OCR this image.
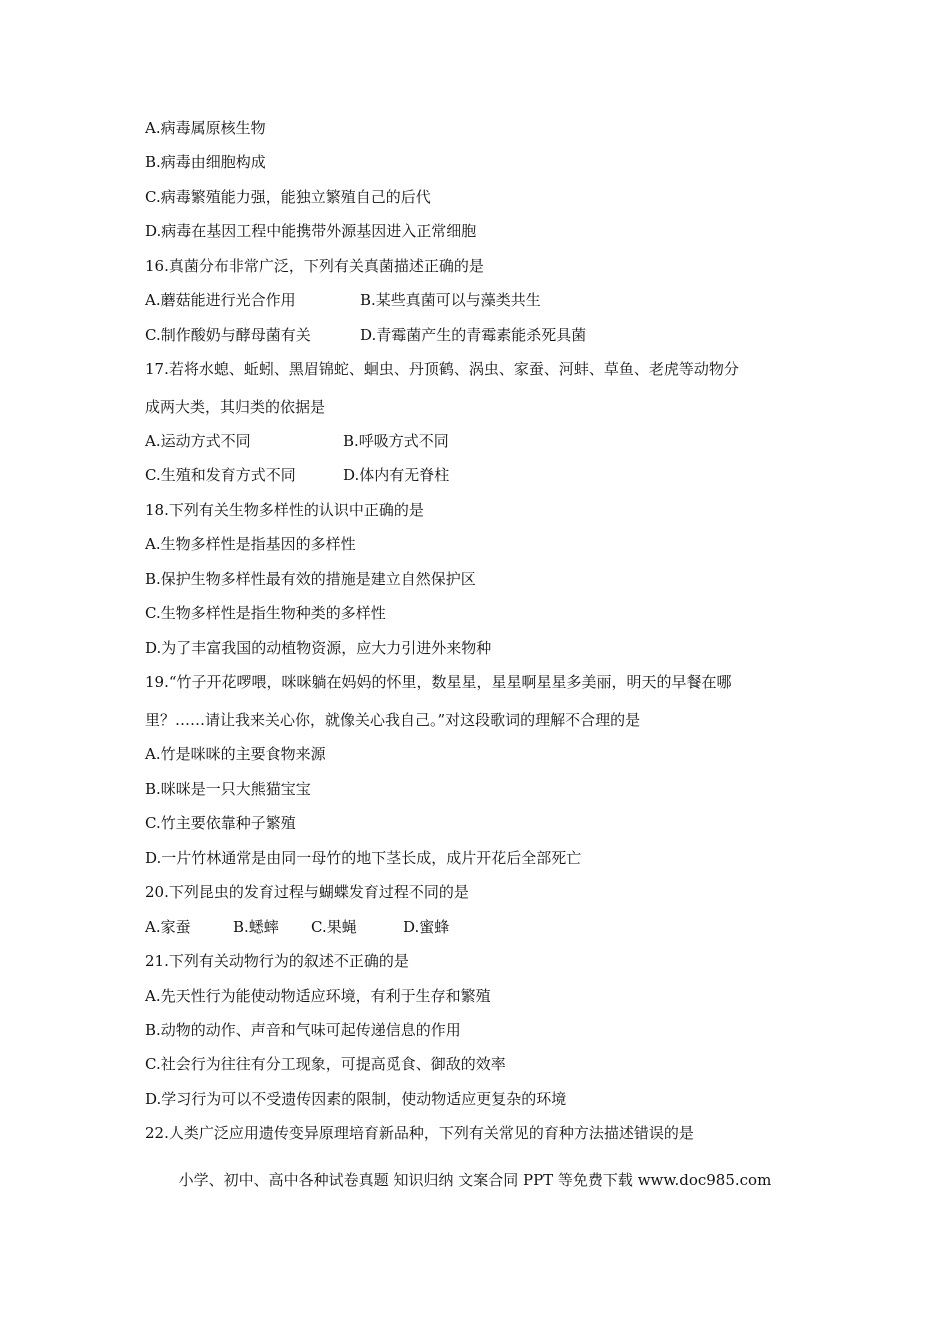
A.病毒属原核生物
B.病毒由细胞构成
C.病毒繁殖能力强，能独立繁殖自己的后代
D.病毒在基因工程中能携带外源基因进入正常细胞
16.真菌分布非常广泛，下列有关真菌描述正确的是
A.蘑菇能进行光合作用	B.某些真菌可以与藻类共生
C.制作酸奶与酵母菌有关	D.青霉菌产生的青霉素能杀死具菌
17.若将水螅、蚯蚓、黑眉锦蛇、蛔虫、丹顶鹤、涡虫、家蚕、河蚌、草鱼、老虎等动物分
成两大类，其归类的依据是
A.运动方式不同	B.呼吸方式不同
C.生殖和发育方式不同	D.体内有无脊柱
18.下列有关生物多样性的认识中正确的是
A.生物多样性是指基因的多样性
B.保护生物多样性最有效的措施是建立自然保护区
C.生物多样性是指生物种类的多样性
D.为了丰富我国的动植物资源，应大力引进外来物种
19.“竹子开花啰喂，咪咪躺在妈妈的怀里，数星星，星星啊星星多美丽，明天的早餐在哪
里？……请让我来关心你，就像关心我自己。”对这段歌词的理解不合理的是
A.竹是咪咪的主要食物来源
B.咪咪是一只大熊猫宝宝
C.竹主要依靠种子繁殖
D.一片竹林通常是由同一母竹的地下茎长成，成片开花后全部死亡
20.下列昆虫的发育过程与蝴蝶发育过程不同的是
A.家蚕	B.蟋蟀 C.果蝇	D.蜜蜂
21.下列有关动物行为的叙述不正确的是
A.先天性行为能使动物适应环境，有利于生存和繁殖
B.动物的动作、声音和气味可起传递信息的作用
C.社会行为往往有分工现象，可提高觅食、御敌的效率
D.学习行为可以不受遗传因素的限制，使动物适应更复杂的环境
22.人类广泛应用遗传变异原理培育新品种，下列有关常见的育种方法描述错误的是
小学、初中、高中各种试卷真题 知识归纳 文案合同 PPT 等免费下载 www.doc985.com
